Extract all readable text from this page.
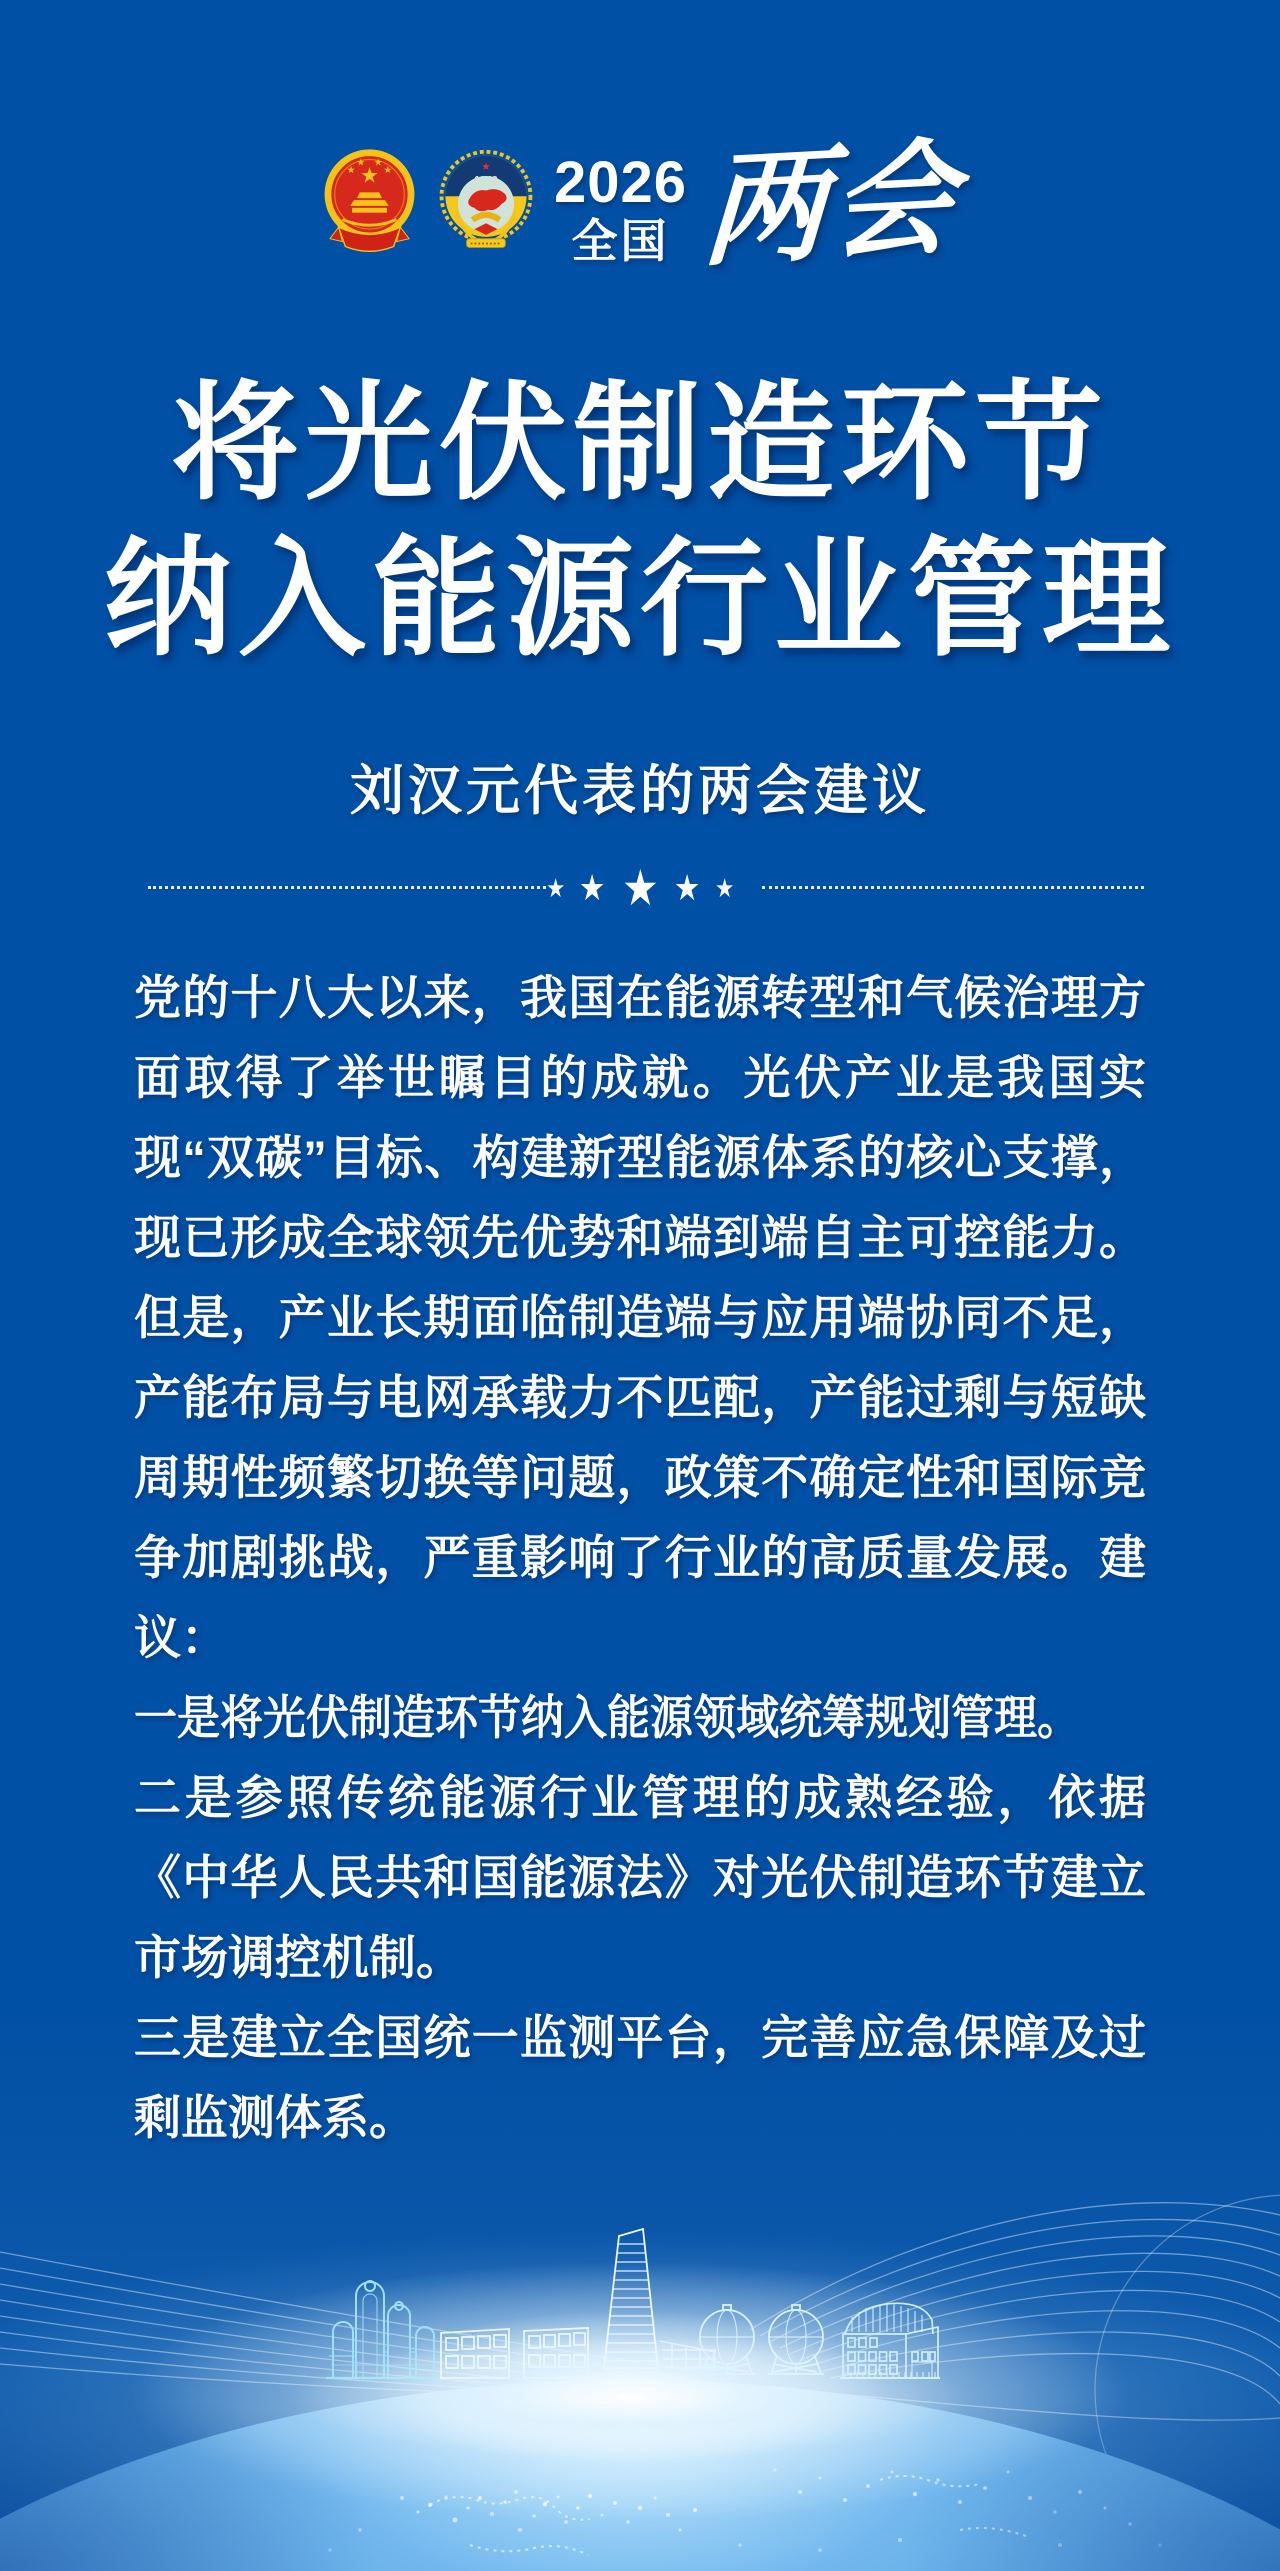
★
★
★ ★
★	★ 2026
全国 两会
将光伏制造环节
纳入能源行业管理
刘汉元代表的两会建议
★ ★ ★ ★ ★

党的十八大以来，我国在能源转型和气候治理方面取得了举世瞩目的成就。光伏产业是我国实现“双碳”目标、构建新型能源体系的核心支撑，现已形成全球领先优势和端到端自主可控能力。但是，产业长期面临制造端与应用端协同不足，产能布局与电网承载力不匹配，产能过剩与短缺周期性频繁切换等问题，政策不确定性和国际竞争加剧挑战，严重影响了行业的高质量发展。建议：

一是将光伏制造环节纳入能源领域统筹规划管理。

二是参照传统能源行业管理的成熟经验，依据《中华人民共和国能源法》对光伏制造环节建立市场调控机制。

三是建立全国统一监测平台，完善应急保障及过剩监测体系。
